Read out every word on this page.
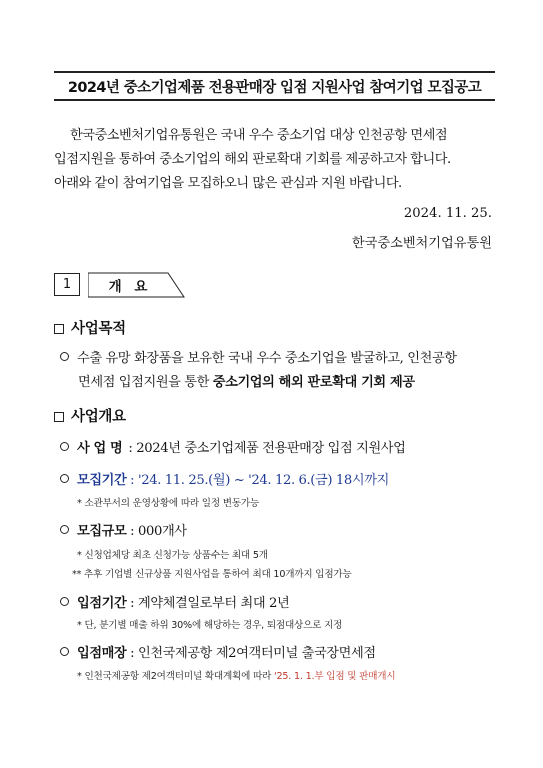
2024년 중소기업제품 전용판매장 입점 지원사업 참여기업 모집공고
한국중소벤처기업유통원은 국내 우수 중소기업 대상 인천공항 면세점
입점지원을 통하여 중소기업의 해외 판로확대 기회를 제공하고자 합니다.
아래와 같이 참여기업을 모집하오니 많은 관심과 지원 바랍니다.
2024. 11. 25.
한국중소벤처기업유통원
1	개 요
사업목적
수출 유망 화장품을 보유한 국내 우수 중소기업을 발굴하고, 인천공항
면세점 입점지원을 통한 중소기업의 해외 판로확대 기회 제공
사업개요
사 업 명 : 2024년 중소기업제품 전용판매장 입점 지원사업
모집기간 : '24. 11. 25.(월) ~ '24. 12. 6.(금) 18시까지
* 소관부서의 운영상황에 따라 일정 변동가능
모집규모 : 000개사
* 신청업체당 최초 신청가능 상품수는 최대 5개
** 추후 기업별 신규상품 지원사업을 통하여 최대 10개까지 입점가능
입점기간 : 계약체결일로부터 최대 2년
* 단, 분기별 매출 하위 30%에 해당하는 경우, 퇴점대상으로 지정
입점매장 : 인천국제공항 제2여객터미널 출국장면세점
* 인천국제공항 제2여객터미널 확대계획에 따라 '25. 1. 1.부 입점 및 판매개시
